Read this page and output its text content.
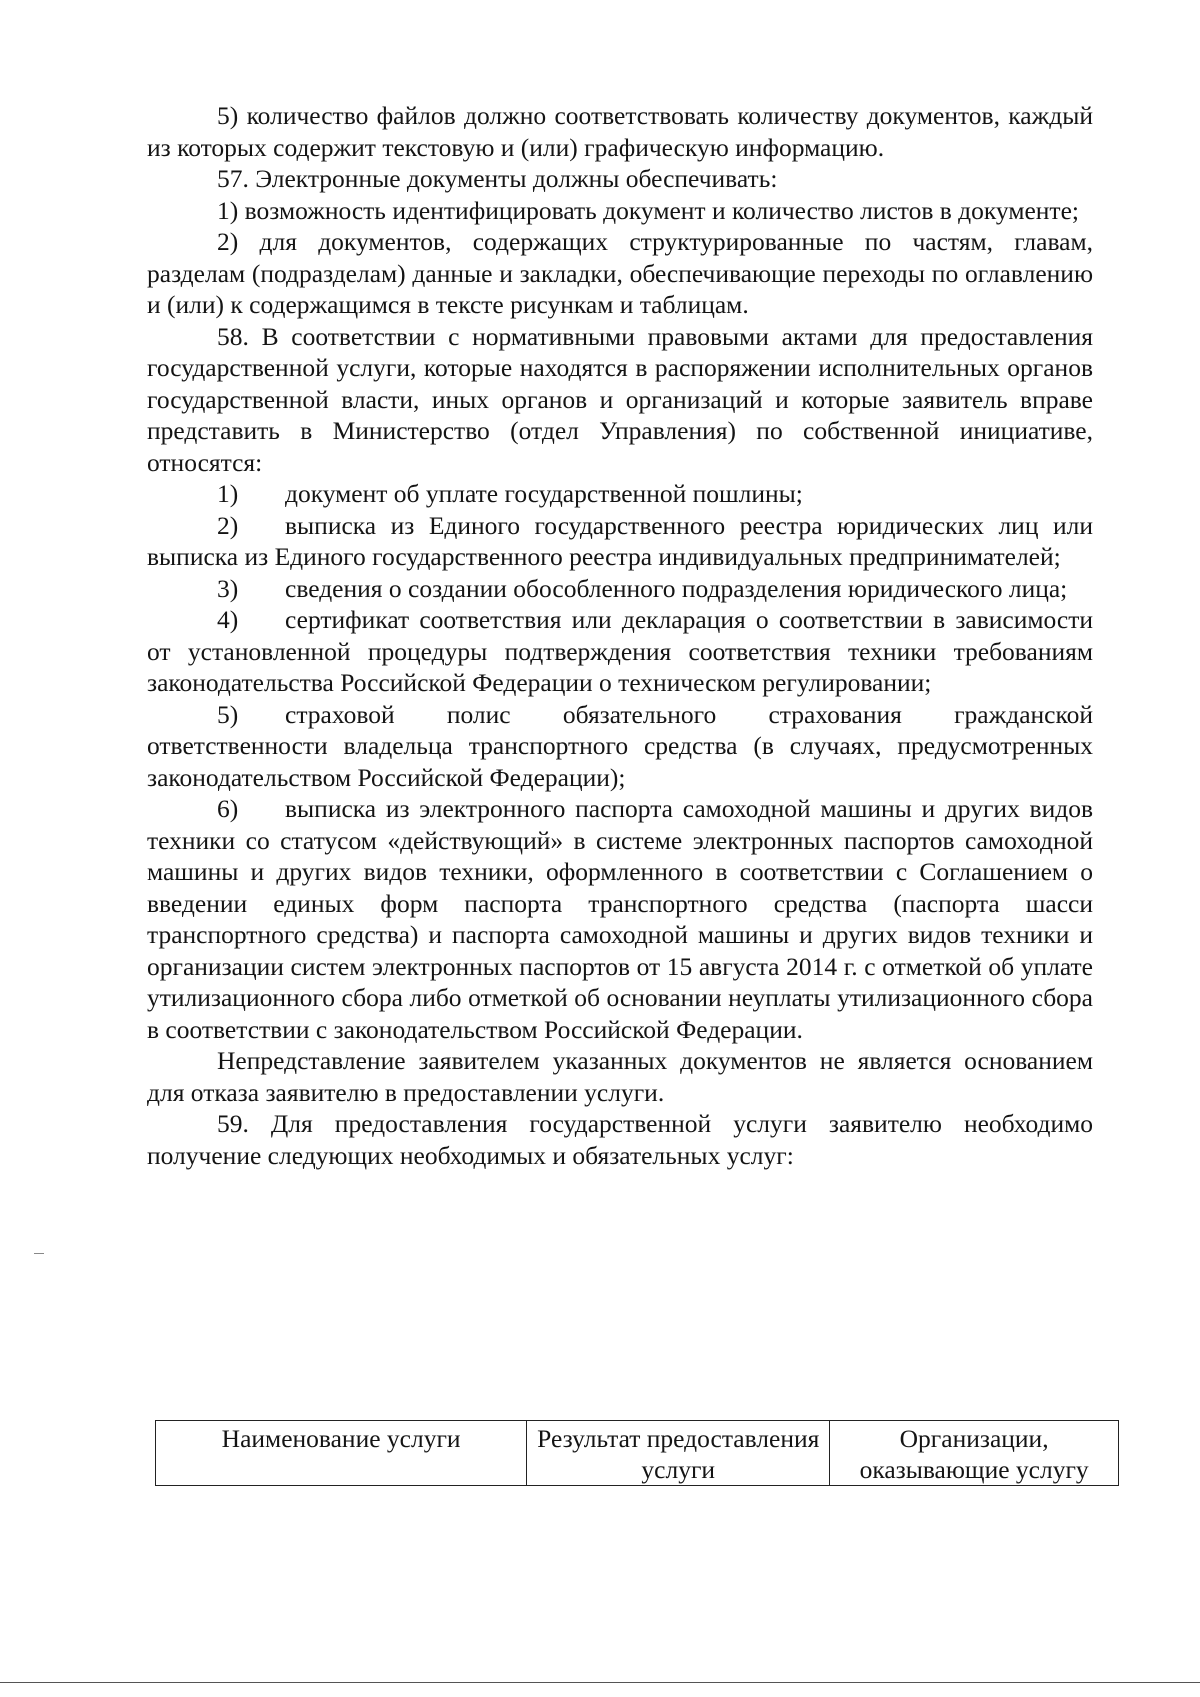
5) количество файлов должно соответствовать количеству документов, каждый из которых содержит текстовую и (или) графическую информацию.

57. Электронные документы должны обеспечивать:

1) возможность идентифицировать документ и количество листов в документе;

2) для документов, содержащих структурированные по частям, главам, разделам (подразделам) данные и закладки, обеспечивающие переходы по оглавлению и (или) к содержащимся в тексте рисункам и таблицам.

58. В соответствии с нормативными правовыми актами для предоставления государственной услуги, которые находятся в распоряжении исполнительных органов государственной власти, иных органов и организаций и которые заявитель вправе представить в Министерство (отдел Управления) по собственной инициативе, относятся:

1) документ об уплате государственной пошлины;

2) выписка из Единого государственного реестра юридических лиц или выписка из Единого государственного реестра индивидуальных предпринимателей;

3) сведения о создании обособленного подразделения юридического лица;

4) сертификат соответствия или декларация о соответствии в зависимости от установленной процедуры подтверждения соответствия техники требованиям законодательства Российской Федерации о техническом регулировании;

5) страховой полис обязательного страхования гражданской ответственности владельца транспортного средства (в случаях, предусмотренных законодательством Российской Федерации);

6) выписка из электронного паспорта самоходной машины и других видов техники со статусом «действующий» в системе электронных паспортов самоходной машины и других видов техники, оформленного в соответствии с Соглашением о введении единых форм паспорта транспортного средства (паспорта шасси транспортного средства) и паспорта самоходной машины и других видов техники и организации систем электронных паспортов от 15 августа 2014 г. с отметкой об уплате утилизационного сбора либо отметкой об основании неуплаты утилизационного сбора в соответствии с законодательством Российской Федерации.

Непредставление заявителем указанных документов не является основанием для отказа заявителю в предоставлении услуги.

59. Для предоставления государственной услуги заявителю необходимо получение следующих необходимых и обязательных услуг:

Наименование услуги	Результат предоставления услуги	Организации, оказывающие услугу
